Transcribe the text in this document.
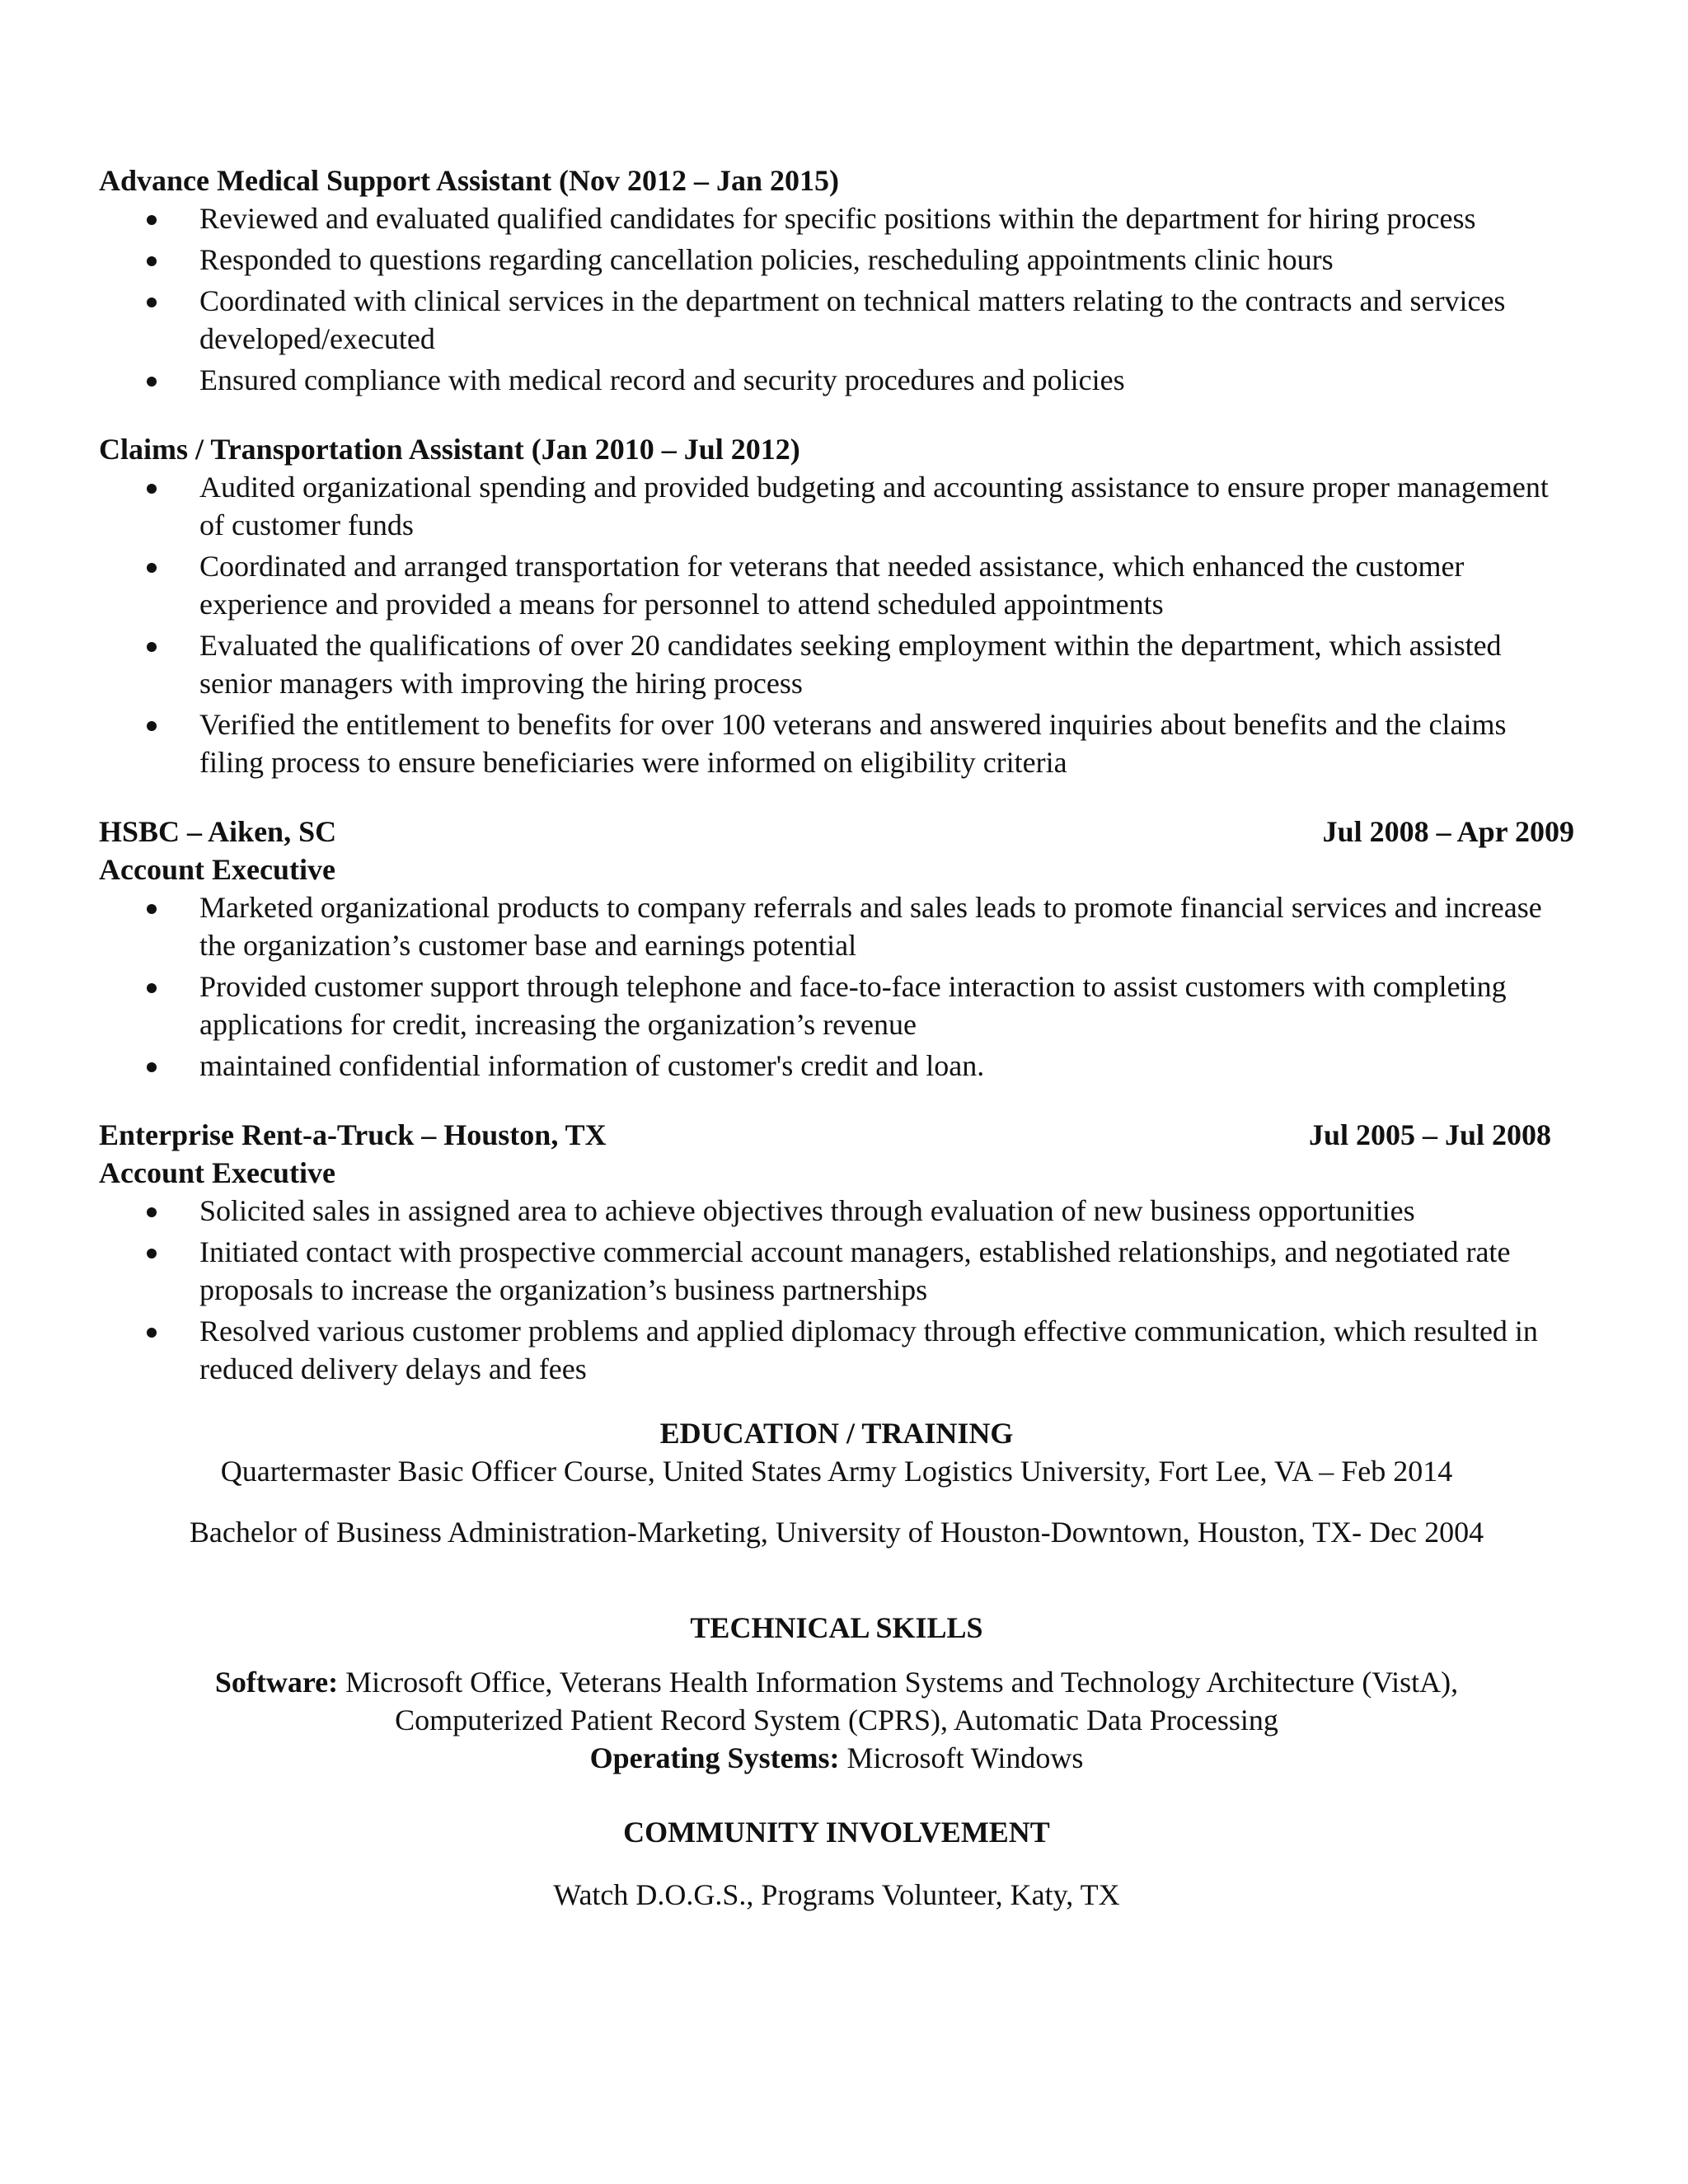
Advance Medical Support Assistant (Nov 2012 – Jan 2015)

Reviewed and evaluated qualified candidates for specific positions within the department for hiring process
Responded to questions regarding cancellation policies, rescheduling appointments clinic hours
Coordinated with clinical services in the department on technical matters relating to the contracts and services developed/executed
Ensured compliance with medical record and security procedures and policies

Claims / Transportation Assistant (Jan 2010 – Jul 2012)

Audited organizational spending and provided budgeting and accounting assistance to ensure proper management of customer funds
Coordinated and arranged transportation for veterans that needed assistance, which enhanced the customer experience and provided a means for personnel to attend scheduled appointments
Evaluated the qualifications of over 20 candidates seeking employment within the department, which assisted senior managers with improving the hiring process
Verified the entitlement to benefits for over 100 veterans and answered inquiries about benefits and the claims filing process to ensure beneficiaries were informed on eligibility criteria
HSBC – Aiken, SC	Jul 2008 – Apr 2009

Account Executive

Marketed organizational products to company referrals and sales leads to promote financial services and increase the organization’s customer base and earnings potential
Provided customer support through telephone and face-to-face interaction to assist customers with completing applications for credit, increasing the organization’s revenue
maintained confidential information of customer's credit and loan.
Enterprise Rent-a-Truck – Houston, TX	Jul 2005 – Jul 2008

Account Executive

Solicited sales in assigned area to achieve objectives through evaluation of new business opportunities
Initiated contact with prospective commercial account managers, established relationships, and negotiated rate proposals to increase the organization’s business partnerships
Resolved various customer problems and applied diplomacy through effective communication, which resulted in reduced delivery delays and fees

EDUCATION / TRAINING

Quartermaster Basic Officer Course, United States Army Logistics University, Fort Lee, VA – Feb 2014

Bachelor of Business Administration-Marketing, University of Houston-Downtown, Houston, TX- Dec 2004

TECHNICAL SKILLS

Software: Microsoft Office, Veterans Health Information Systems and Technology Architecture (VistA),

Computerized Patient Record System (CPRS), Automatic Data Processing

Operating Systems: Microsoft Windows

COMMUNITY INVOLVEMENT

Watch D.O.G.S., Programs Volunteer, Katy, TX
